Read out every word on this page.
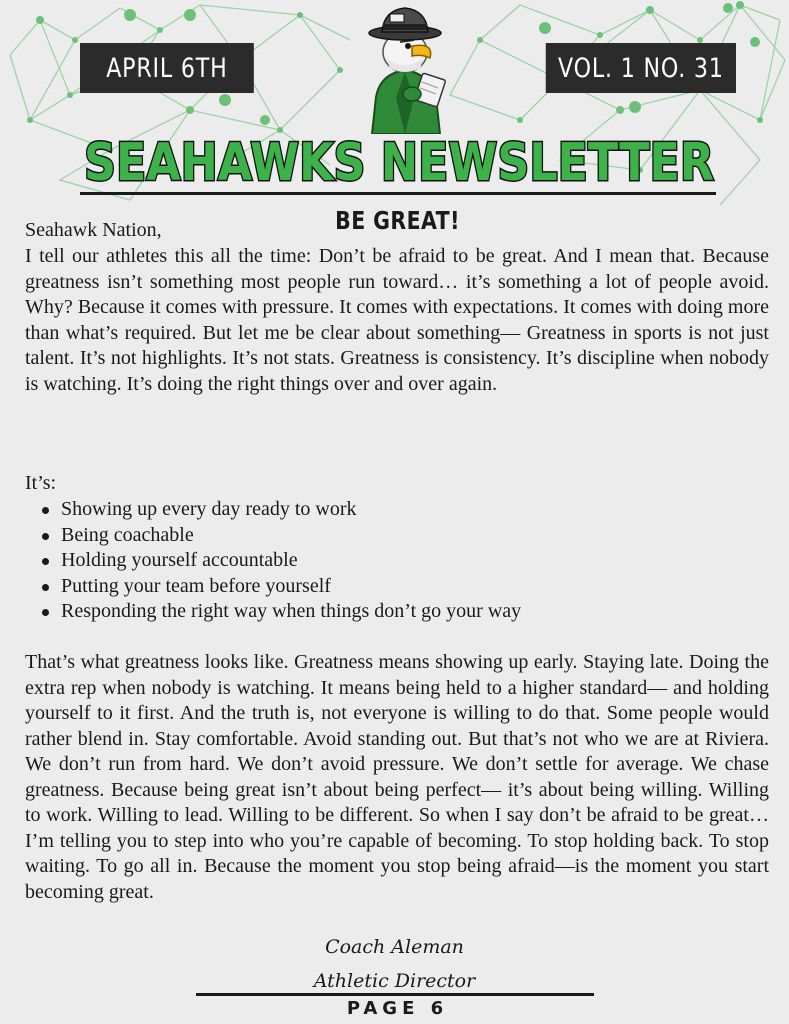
APRIL 6TH	VOL. 1 NO. 31
SEAHAWKS NEWSLETTER
BE GREAT!
Seahawk Nation,

I tell our athletes this all the time: Don’t be afraid to be great. And I mean that. Because greatness isn’t something most people run toward… it’s something a lot of people avoid. Why? Because it comes with pressure. It comes with expectations. It comes with doing more than what’s required. But let me be clear about something— Greatness in sports is not just talent. It’s not highlights. It’s not stats. Greatness is consistency. It’s discipline when nobody is watching. It’s doing the right things over and over again.

It’s:
Showing up every day ready to work
Being coachable
Holding yourself accountable
Putting your team before yourself
Responding the right way when things don’t go your way

That’s what greatness looks like. Greatness means showing up early. Staying late. Doing the extra rep when nobody is watching. It means being held to a higher standard— and holding yourself to it first. And the truth is, not everyone is willing to do that. Some people would rather blend in. Stay comfortable. Avoid standing out. But that’s not who we are at Riviera. We don’t run from hard. We don’t avoid pressure. We don’t settle for average. We chase greatness. Because being great isn’t about being perfect— it’s about being willing. Willing to work. Willing to lead. Willing to be different. So when I say don’t be afraid to be great…I’m telling you to step into who you’re capable of becoming. To stop holding back. To stop waiting. To go all in. Because the moment you stop being afraid—is the moment you start becoming great.

Coach Aleman
Athletic Director
PAGE 6
